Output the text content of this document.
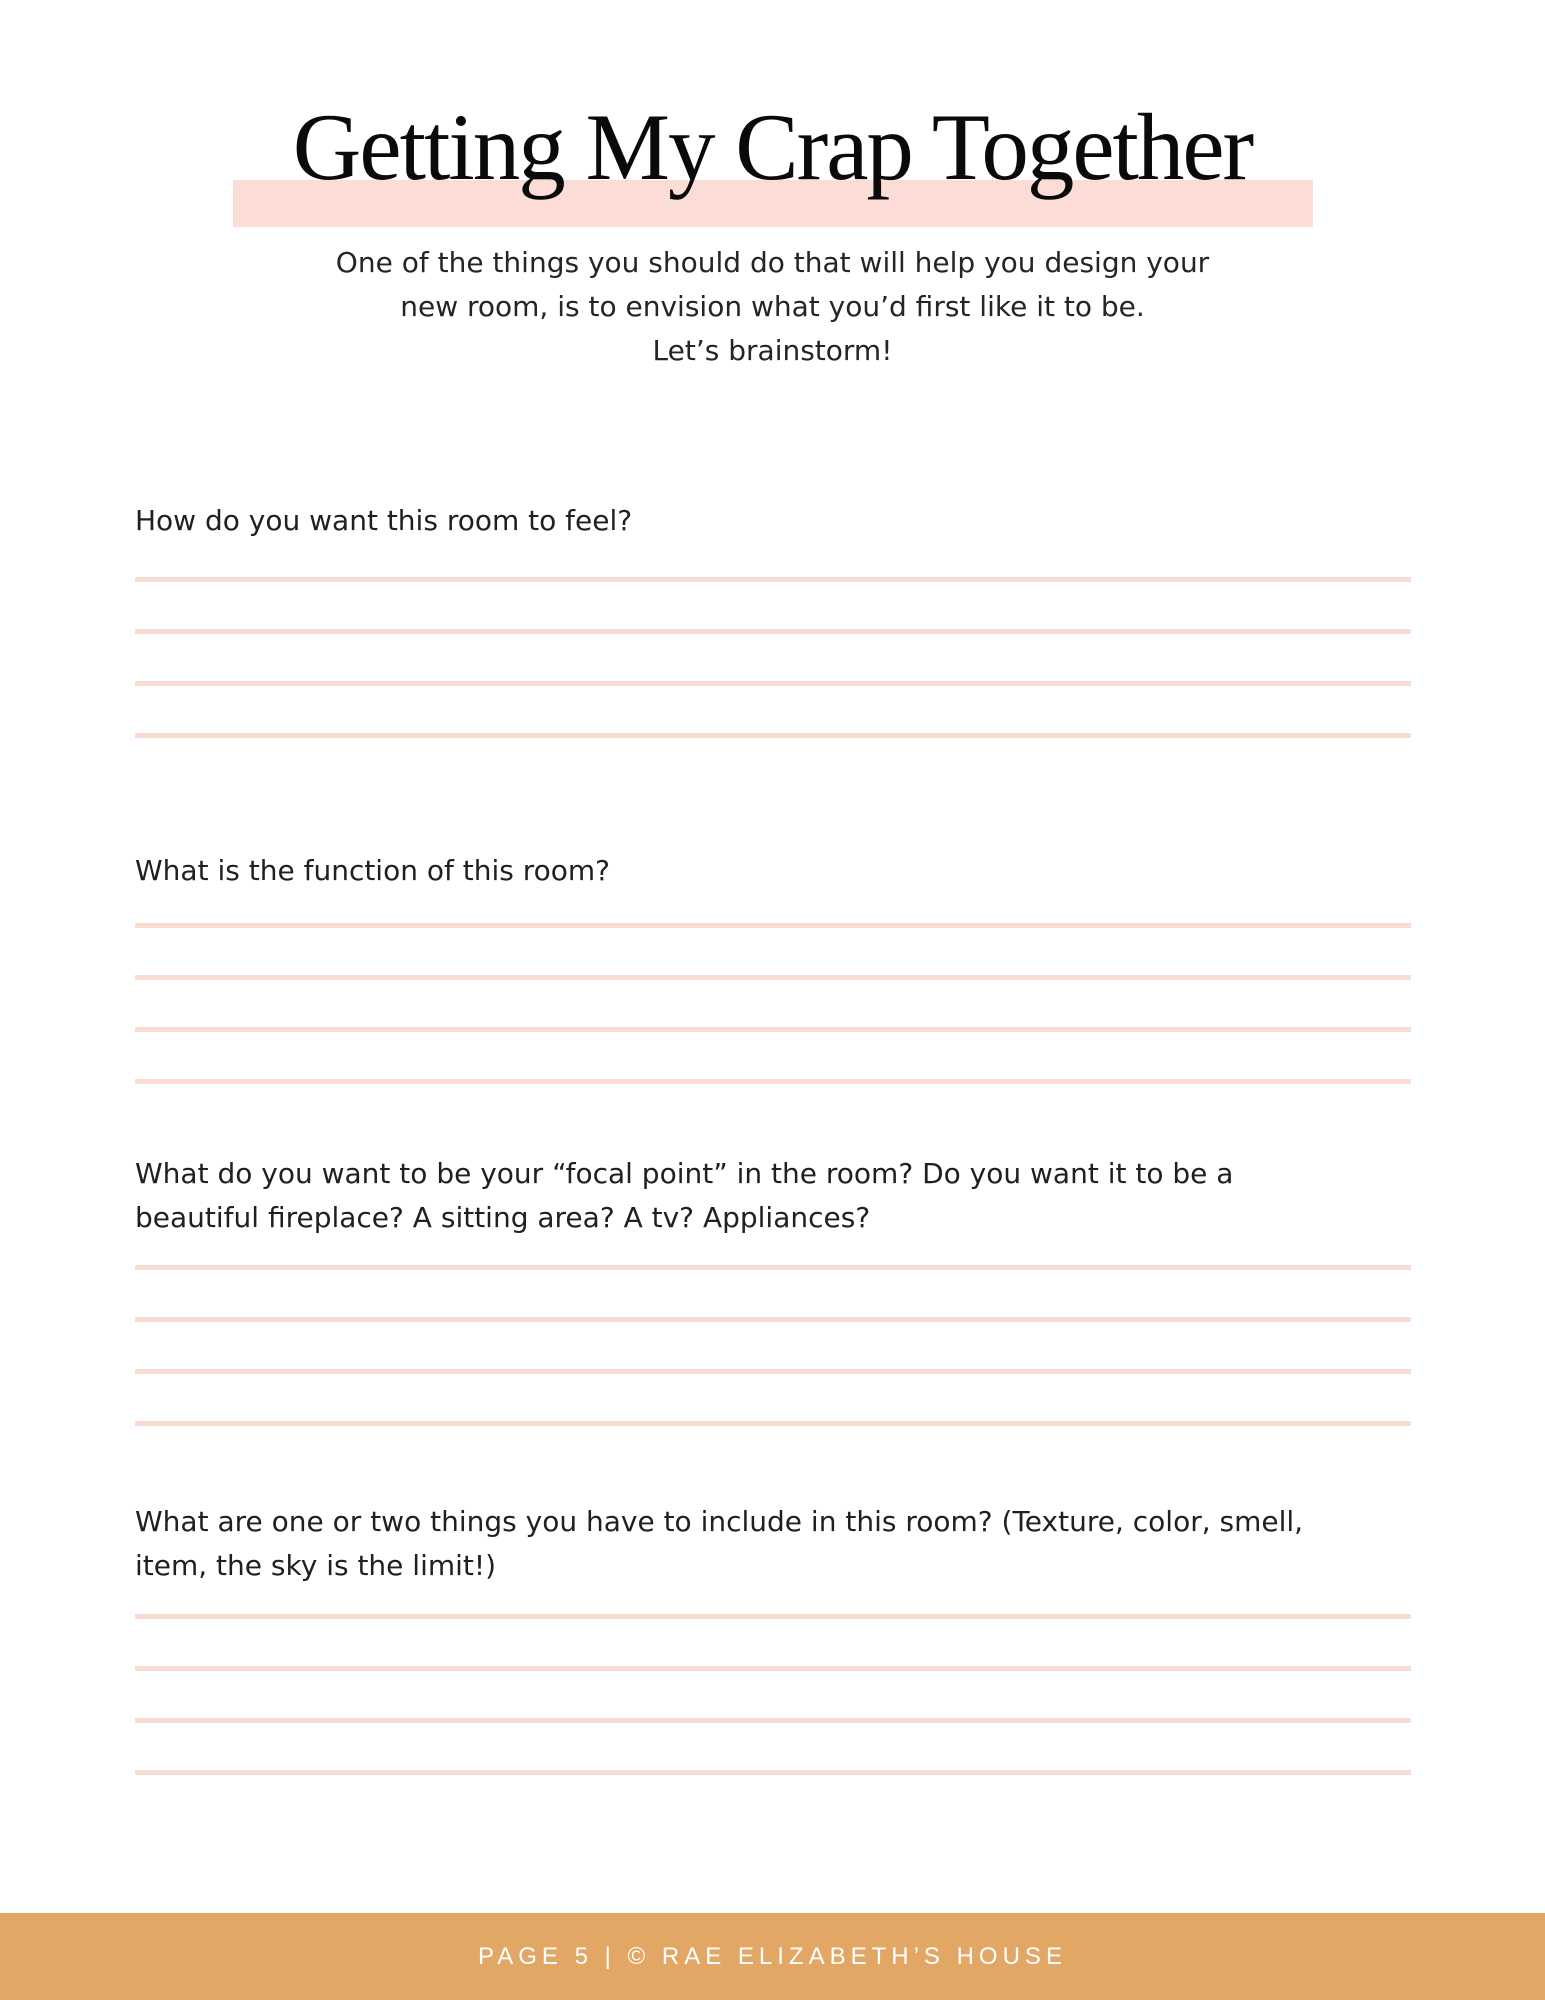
Getting My Crap Together
One of the things you should do that will help you design your
new room, is to envision what you’d first like it to be.
Let’s brainstorm!
How do you want this room to feel?
What is the function of this room?
What do you want to be your “focal point” in the room? Do you want it to be a
beautiful fireplace? A sitting area? A tv? Appliances?
What are one or two things you have to include in this room? (Texture, color, smell,
item, the sky is the limit!)
PAGE 5 | © RAE ELIZABETH’S HOUSE
